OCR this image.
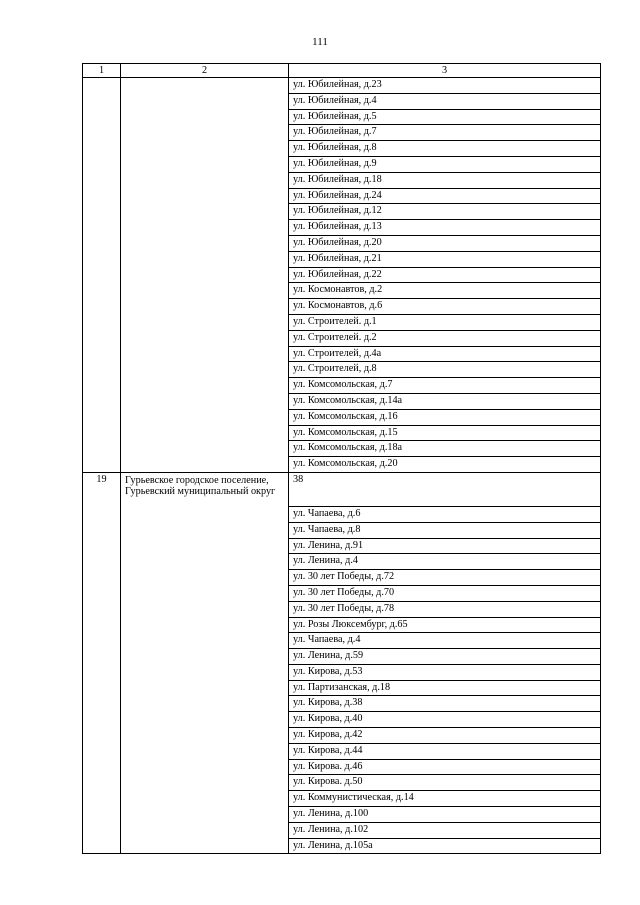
111
1	2	3
		ул. Юбилейная, д.23
		ул. Юбилейная, д.4
		ул. Юбилейная, д.5
		ул. Юбилейная, д.7
		ул. Юбилейная, д.8
		ул. Юбилейная, д.9
		ул. Юбилейная, д.18
		ул. Юбилейная, д.24
		ул. Юбилейная, д.12
		ул. Юбилейная, д.13
		ул. Юбилейная, д.20
		ул. Юбилейная, д.21
		ул. Юбилейная, д.22
		ул. Космонавтов, д.2
		ул. Космонавтов, д.6
		ул. Строителей. д.1
		ул. Строителей. д.2
		ул. Строителей, д.4а
		ул. Строителей, д.8
		ул. Комсомольская, д.7
		ул. Комсомольская, д.14а
		ул. Комсомольская, д.16
		ул. Комсомольская, д.15
		ул. Комсомольская, д.18а
		ул. Комсомольская, д.20
19	Гурьевское городское поселение, Гурьевский муниципальный округ	38
		ул. Чапаева, д.6
		ул. Чапаева, д.8
		ул. Ленина, д.91
		ул. Ленина, д.4
		ул. 30 лет Победы, д.72
		ул. 30 лет Победы, д.70
		ул. 30 лет Победы, д.78
		ул. Розы Люксембург, д.65
		ул. Чапаева, д.4
		ул. Ленина, д.59
		ул. Кирова, д.53
		ул. Партизанская, д.18
		ул. Кирова, д.38
		ул. Кирова, д.40
		ул. Кирова, д.42
		ул. Кирова, д.44
		ул. Кирова. д.46
		ул. Кирова. д.50
		ул. Коммунистическая, д.14
		ул. Ленина, д.100
		ул. Ленина, д.102
		ул. Ленина, д.105а
